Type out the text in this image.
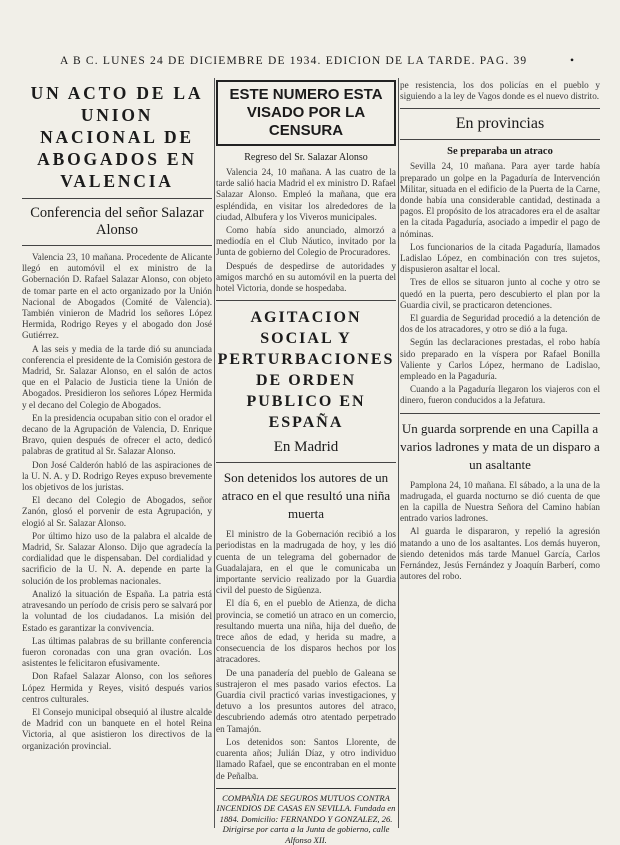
A B C. LUNES 24 DE DICIEMBRE DE 1934. EDICION DE LA TARDE. PAG. 39	•
UN ACTO DE LA UNION NACIONAL DE ABOGADOS EN VALENCIA
Conferencia del señor Salazar Alonso

Valencia 23, 10 mañana. Procedente de Alicante llegó en automóvil el ex ministro de la Gobernación D. Rafael Salazar Alonso, con objeto de tomar parte en el acto organizado por la Unión Nacional de Abogados (Comité de Valencia). También vinieron de Madrid los señores López Hermida, Rodrigo Reyes y el abogado don José Gutiérrez.

A las seis y media de la tarde dió su anunciada conferencia el presidente de la Comisión gestora de Madrid, Sr. Salazar Alonso, en el salón de actos que en el Palacio de Justicia tiene la Unión de Abogados. Presidieron los señores López Hermida y el decano del Colegio de Abogados.

En la presidencia ocupaban sitio con el orador el decano de la Agrupación de Valencia, D. Enrique Bravo, quien después de ofrecer el acto, dedicó palabras de gratitud al Sr. Salazar Alonso.

Don José Calderón habló de las aspiraciones de la U. N. A. y D. Rodrigo Reyes expuso brevemente los objetivos de los juristas.

El decano del Colegio de Abogados, señor Zanón, glosó el porvenir de esta Agrupación, y elogió al Sr. Salazar Alonso.

Por último hizo uso de la palabra el alcalde de Madrid, Sr. Salazar Alonso. Dijo que agradecía la cordialidad que le dispensaban. Del cordialidad y sacrificio de la U. N. A. depende en parte la solución de los problemas nacionales.

Analizó la situación de España. La patria está atravesando un período de crisis pero se salvará por la voluntad de los ciudadanos. La misión del Estado es garantizar la convivencia.

Las últimas palabras de su brillante conferencia fueron coronadas con una gran ovación. Los asistentes le felicitaron efusivamente.

Don Rafael Salazar Alonso, con los señores López Hermida y Reyes, visitó después varios centros culturales.

El Consejo municipal obsequió al ilustre alcalde de Madrid con un banquete en el hotel Reina Victoria, al que asistieron los directivos de la organización provincial.

ESTE NUMERO ESTA VISADO POR LA CENSURA
Regreso del Sr. Salazar Alonso

Valencia 24, 10 mañana. A las cuatro de la tarde salió hacia Madrid el ex ministro D. Rafael Salazar Alonso. Empleó la mañana, que era espléndida, en visitar los alrededores de la ciudad, Albufera y los Viveros municipales.

Como había sido anunciado, almorzó a mediodía en el Club Náutico, invitado por la Junta de gobierno del Colegio de Procuradores.

Después de despedirse de autoridades y amigos marchó en su automóvil en la puerta del hotel Victoria, donde se hospedaba.

AGITACION SOCIAL Y PERTURBACIONES DE ORDEN PUBLICO EN ESPAÑA
En Madrid
Son detenidos los autores de un atraco en el que resultó una niña muerta

El ministro de la Gobernación recibió a los periodistas en la madrugada de hoy, y les dió cuenta de un telegrama del gobernador de Guadalajara, en el que le comunicaba un importante servicio realizado por la Guardia civil del puesto de Sigüenza.

El día 6, en el pueblo de Atienza, de dicha provincia, se cometió un atraco en un comercio, resultando muerta una niña, hija del dueño, de trece años de edad, y herida su madre, a consecuencia de los disparos hechos por los atracadores.

De una panadería del pueblo de Galeana se sustrajeron el mes pasado varios efectos. La Guardia civil practicó varias investigaciones, y detuvo a los presuntos autores del atraco, descubriendo además otro atentado perpetrado en Tamajón.

Los detenidos son: Santos Llorente, de cuarenta años; Julián Díaz, y otro individuo llamado Rafael, que se encontraban en el monte de Peñalba.

COMPAÑIA DE SEGUROS MUTUOS CONTRA INCENDIOS DE CASAS EN SEVILLA. Fundada en 1884. Domicilio: FERNANDO Y GONZALEZ, 26. Dirigirse por carta a la Junta de gobierno, calle Alfonso XII.

pe resistencia, los dos policías en el pueblo y siguiendo a la ley de Vagos donde es el nuevo distrito.

En provincias
Se preparaba un atraco

Sevilla 24, 10 mañana. Para ayer tarde había preparado un golpe en la Pagaduría de Intervención Militar, situada en el edificio de la Puerta de la Carne, donde había una considerable cantidad, destinada a pagos. El propósito de los atracadores era el de asaltar en la citada Pagaduría, asociado a impedir el pago de nóminas.

Los funcionarios de la citada Pagaduría, llamados Ladislao López, en combinación con tres sujetos, dispusieron asaltar el local.

Tres de ellos se situaron junto al coche y otro se quedó en la puerta, pero descubierto el plan por la Guardia civil, se practicaron detenciones.

El guardia de Seguridad procedió a la detención de dos de los atracadores, y otro se dió a la fuga.

Según las declaraciones prestadas, el robo había sido preparado en la víspera por Rafael Bonilla Valiente y Carlos López, hermano de Ladislao, empleado en la Pagaduría.

Cuando a la Pagaduría llegaron los viajeros con el dinero, fueron conducidos a la Jefatura.

Un guarda sorprende en una Capilla a varios ladrones y mata de un disparo a un asaltante

Pamplona 24, 10 mañana. El sábado, a la una de la madrugada, el guarda nocturno se dió cuenta de que en la capilla de Nuestra Señora del Camino habían entrado varios ladrones.

Al guarda le dispararon, y repelió la agresión matando a uno de los asaltantes. Los demás huyeron, siendo detenidos más tarde Manuel García, Carlos Fernández, Jesús Fernández y Joaquín Barberí, como autores del robo.
